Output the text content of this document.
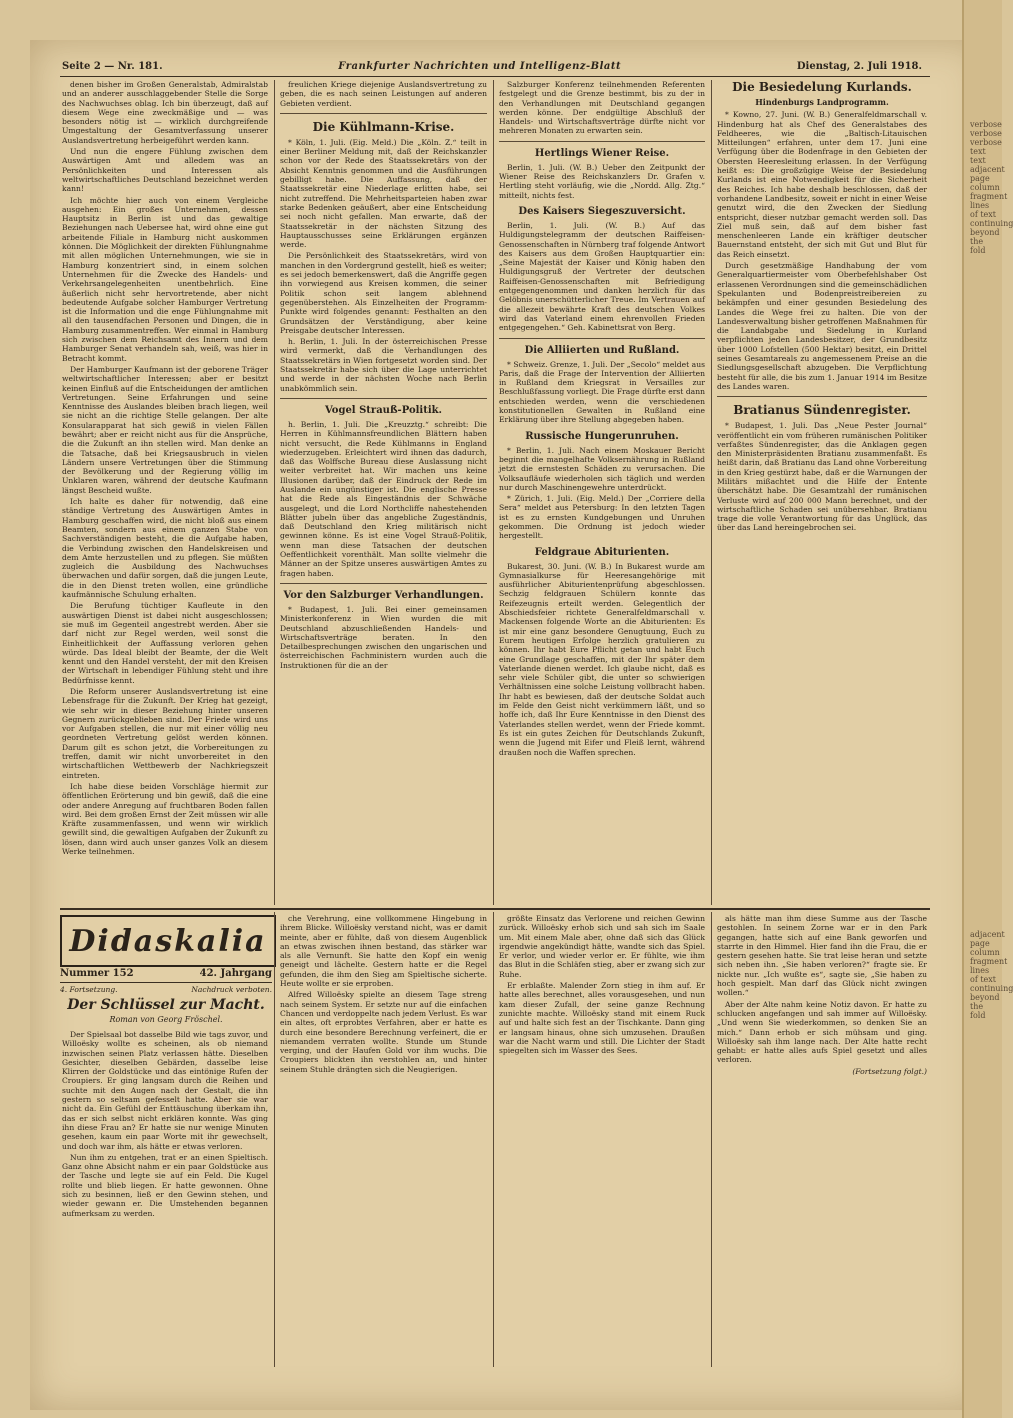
verbose verbose verbose text text adjacent page column fragment lines of text continuing beyond the fold
adjacent page column fragment lines of text continuing beyond the fold
Seite 2 — Nr. 181.	Frankfurter Nachrichten und Intelligenz-Blatt	Dienstag, 2. Juli 1918.

denen bisher im Großen Generalstab, Admiralstab und an anderer ausschlaggebender Stelle die Sorge des Nachwuchses oblag. Ich bin überzeugt, daß auf diesem Wege eine zweckmäßige und — was besonders nötig ist — wirklich durchgreifende Umgestaltung der Gesamtverfassung unserer Auslandsvertretung herbeigeführt werden kann.

Und nun die engere Fühlung zwischen dem Auswärtigen Amt und alledem was an Persönlichkeiten und Interessen als weltwirtschaftliches Deutschland bezeichnet werden kann!

Ich möchte hier auch von einem Vergleiche ausgehen: Ein großes Unternehmen, dessen Hauptsitz in Berlin ist und das gewaltige Beziehungen nach Uebersee hat, wird ohne eine gut arbeitende Filiale in Hamburg nicht auskommen können. Die Möglichkeit der direkten Fühlungnahme mit allen möglichen Unternehmungen, wie sie in Hamburg konzentriert sind, in einem solchen Unternehmen für die Zwecke des Handels- und Verkehrsangelegenheiten unentbehrlich. Eine äußerlich nicht sehr hervortretende, aber nicht bedeutende Aufgabe solcher Hamburger Vertretung ist die Information und die enge Fühlungnahme mit all den tausendfachen Personen und Dingen, die in Hamburg zusammentreffen. Wer einmal in Hamburg sich zwischen dem Reichsamt des Innern und dem Hamburger Senat verhandeln sah, weiß, was hier in Betracht kommt.

Der Hamburger Kaufmann ist der geborene Träger weltwirtschaftlicher Interessen; aber er besitzt keinen Einfluß auf die Entscheidungen der amtlichen Vertretungen. Seine Erfahrungen und seine Kenntnisse des Auslandes bleiben brach liegen, weil sie nicht an die richtige Stelle gelangen. Der alte Konsularapparat hat sich gewiß in vielen Fällen bewährt; aber er reicht nicht aus für die Ansprüche, die die Zukunft an ihn stellen wird. Man denke an die Tatsache, daß bei Kriegsausbruch in vielen Ländern unsere Vertretungen über die Stimmung der Bevölkerung und der Regierung völlig im Unklaren waren, während der deutsche Kaufmann längst Bescheid wußte.

Ich halte es daher für notwendig, daß eine ständige Vertretung des Auswärtigen Amtes in Hamburg geschaffen wird, die nicht bloß aus einem Beamten, sondern aus einem ganzen Stabe von Sachverständigen besteht, die die Aufgabe haben, die Verbindung zwischen den Handelskreisen und dem Amte herzustellen und zu pflegen. Sie müßten zugleich die Ausbildung des Nachwuchses überwachen und dafür sorgen, daß die jungen Leute, die in den Dienst treten wollen, eine gründliche kaufmännische Schulung erhalten.

Die Berufung tüchtiger Kaufleute in den auswärtigen Dienst ist dabei nicht ausgeschlossen; sie muß im Gegenteil angestrebt werden. Aber sie darf nicht zur Regel werden, weil sonst die Einheitlichkeit der Auffassung verloren gehen würde. Das Ideal bleibt der Beamte, der die Welt kennt und den Handel versteht, der mit den Kreisen der Wirtschaft in lebendiger Fühlung steht und ihre Bedürfnisse kennt.

Die Reform unserer Auslandsvertretung ist eine Lebensfrage für die Zukunft. Der Krieg hat gezeigt, wie sehr wir in dieser Beziehung hinter unseren Gegnern zurückgeblieben sind. Der Friede wird uns vor Aufgaben stellen, die nur mit einer völlig neu geordneten Vertretung gelöst werden können. Darum gilt es schon jetzt, die Vorbereitungen zu treffen, damit wir nicht unvorbereitet in den wirtschaftlichen Wettbewerb der Nachkriegszeit eintreten.

Ich habe diese beiden Vorschläge hiermit zur öffentlichen Erörterung und bin gewiß, daß die eine oder andere Anregung auf fruchtbaren Boden fallen wird. Bei dem großen Ernst der Zeit müssen wir alle Kräfte zusammenfassen, und wenn wir wirklich gewillt sind, die gewaltigen Aufgaben der Zukunft zu lösen, dann wird auch unser ganzes Volk an diesem Werke teilnehmen.

freulichen Kriege diejenige Auslandsvertretung zu geben, die es nach seinen Leistungen auf anderen Gebieten verdient.

Die Kühlmann-Krise.

* Köln, 1. Juli. (Eig. Meld.) Die „Köln. Z.“ teilt in einer Berliner Meldung mit, daß der Reichskanzler schon vor der Rede des Staatssekretärs von der Absicht Kenntnis genommen und die Ausführungen gebilligt habe. Die Auffassung, daß der Staatssekretär eine Niederlage erlitten habe, sei nicht zutreffend. Die Mehrheitsparteien haben zwar starke Bedenken geäußert, aber eine Entscheidung sei noch nicht gefallen. Man erwarte, daß der Staatssekretär in der nächsten Sitzung des Hauptausschusses seine Erklärungen ergänzen werde.

Die Persönlichkeit des Staatssekretärs, wird von manchen in den Vordergrund gestellt, hieß es weiter; es sei jedoch bemerkenswert, daß die Angriffe gegen ihn vorwiegend aus Kreisen kommen, die seiner Politik schon seit langem ablehnend gegenüberstehen. Als Einzelheiten der Programm-Punkte wird folgendes genannt: Festhalten an den Grundsätzen der Verständigung, aber keine Preisgabe deutscher Interessen.

h. Berlin, 1. Juli. In der österreichischen Presse wird vermerkt, daß die Verhandlungen des Staatssekretärs in Wien fortgesetzt worden sind. Der Staatssekretär habe sich über die Lage unterrichtet und werde in der nächsten Woche nach Berlin unabkömmlich sein.

Vogel Strauß-Politik.

h. Berlin, 1. Juli. Die „Kreuzztg.“ schreibt: Die Herren in Kühlmannsfreundlichen Blättern haben nicht versucht, die Rede Kühlmanns in England wiederzugeben. Erleichtert wird ihnen das dadurch, daß das Wolffsche Bureau diese Auslassung nicht weiter verbreitet hat. Wir machen uns keine Illusionen darüber, daß der Eindruck der Rede im Auslande ein ungünstiger ist. Die englische Presse hat die Rede als Eingeständnis der Schwäche ausgelegt, und die Lord Northcliffe nahestehenden Blätter jubeln über das angebliche Zugeständnis, daß Deutschland den Krieg militärisch nicht gewinnen könne. Es ist eine Vogel Strauß-Politik, wenn man diese Tatsachen der deutschen Oeffentlichkeit vorenthält. Man sollte vielmehr die Männer an der Spitze unseres auswärtigen Amtes zu fragen haben.

Vor den Salzburger Verhandlungen.

* Budapest, 1. Juli. Bei einer gemeinsamen Ministerkonferenz in Wien wurden die mit Deutschland abzuschließenden Handels- und Wirtschaftsverträge beraten. In den Detailbesprechungen zwischen den ungarischen und österreichischen Fachministern wurden auch die Instruktionen für die an der

Salzburger Konferenz teilnehmenden Referenten festgelegt und die Grenze bestimmt, bis zu der in den Verhandlungen mit Deutschland gegangen werden könne. Der endgültige Abschluß der Handels- und Wirtschaftsverträge dürfte nicht vor mehreren Monaten zu erwarten sein.

Hertlings Wiener Reise.

Berlin, 1. Juli. (W. B.) Ueber den Zeitpunkt der Wiener Reise des Reichskanzlers Dr. Grafen v. Hertling steht vorläufig, wie die „Nordd. Allg. Ztg.“ mitteilt, nichts fest.

Des Kaisers Siegeszuversicht.

Berlin, 1. Juli. (W. B.) Auf das Huldigungstelegramm der deutschen Raiffeisen-Genossenschaften in Nürnberg traf folgende Antwort des Kaisers aus dem Großen Hauptquartier ein: „Seine Majestät der Kaiser und König haben den Huldigungsgruß der Vertreter der deutschen Raiffeisen-Genossenschaften mit Befriedigung entgegengenommen und danken herzlich für das Gelöbnis unerschütterlicher Treue. Im Vertrauen auf die allezeit bewährte Kraft des deutschen Volkes wird das Vaterland einem ehrenvollen Frieden entgegengehen.“ Geh. Kabinettsrat von Berg.

Die Alliierten und Rußland.

* Schweiz. Grenze, 1. Juli. Der „Secolo“ meldet aus Paris, daß die Frage der Intervention der Alliierten in Rußland dem Kriegsrat in Versailles zur Beschlußfassung vorliegt. Die Frage dürfte erst dann entschieden werden, wenn die verschiedenen konstitutionellen Gewalten in Rußland eine Erklärung über ihre Stellung abgegeben haben.

Russische Hungerunruhen.

* Berlin, 1. Juli. Nach einem Moskauer Bericht beginnt die mangelhafte Volksernährung in Rußland jetzt die ernstesten Schäden zu verursachen. Die Volksaufläufe wiederholen sich täglich und werden nur durch Maschinengewehre unterdrückt.

* Zürich, 1. Juli. (Eig. Meld.) Der „Corriere della Sera“ meldet aus Petersburg: In den letzten Tagen ist es zu ernsten Kundgebungen und Unruhen gekommen. Die Ordnung ist jedoch wieder hergestellt.

Feldgraue Abiturienten.

Bukarest, 30. Juni. (W. B.) In Bukarest wurde am Gymnasialkurse für Heeresangehörige mit ausführlicher Abiturientenprüfung abgeschlossen. Sechzig feldgrauen Schülern konnte das Reifezeugnis erteilt werden. Gelegentlich der Abschiedsfeier richtete Generalfeldmarschall v. Mackensen folgende Worte an die Abiturienten: Es ist mir eine ganz besondere Genugtuung, Euch zu Eurem heutigen Erfolge herzlich gratulieren zu können. Ihr habt Eure Pflicht getan und habt Euch eine Grundlage geschaffen, mit der Ihr später dem Vaterlande dienen werdet. Ich glaube nicht, daß es sehr viele Schüler gibt, die unter so schwierigen Verhältnissen eine solche Leistung vollbracht haben. Ihr habt es bewiesen, daß der deutsche Soldat auch im Felde den Geist nicht verkümmern läßt, und so hoffe ich, daß Ihr Eure Kenntnisse in den Dienst des Vaterlandes stellen werdet, wenn der Friede kommt. Es ist ein gutes Zeichen für Deutschlands Zukunft, wenn die Jugend mit Eifer und Fleiß lernt, während draußen noch die Waffen sprechen.

Die Besiedelung Kurlands.
Hindenburgs Landprogramm.

* Kowno, 27. Juni. (W. B.) Generalfeldmarschall v. Hindenburg hat als Chef des Generalstabes des Feldheeres, wie die „Baltisch-Litauischen Mitteilungen“ erfahren, unter dem 17. Juni eine Verfügung über die Bodenfrage in den Gebieten der Obersten Heeresleitung erlassen. In der Verfügung heißt es: Die großzügige Weise der Besiedelung Kurlands ist eine Notwendigkeit für die Sicherheit des Reiches. Ich habe deshalb beschlossen, daß der vorhandene Landbesitz, soweit er nicht in einer Weise genutzt wird, die den Zwecken der Siedlung entspricht, dieser nutzbar gemacht werden soll. Das Ziel muß sein, daß auf dem bisher fast menschenleeren Lande ein kräftiger deutscher Bauernstand entsteht, der sich mit Gut und Blut für das Reich einsetzt.

Durch gesetzmäßige Handhabung der vom Generalquartiermeister vom Oberbefehlshaber Ost erlassenen Verordnungen sind die gemeinschädlichen Spekulanten und Bodenpreistreibereien zu bekämpfen und einer gesunden Besiedelung des Landes die Wege frei zu halten. Die von der Landesverwaltung bisher getroffenen Maßnahmen für die Landabgabe und Siedelung in Kurland verpflichten jeden Landesbesitzer, der Grundbesitz über 1000 Lofstellen (500 Hektar) besitzt, ein Drittel seines Gesamtareals zu angemessenem Preise an die Siedlungsgesellschaft abzugeben. Die Verpflichtung besteht für alle, die bis zum 1. Januar 1914 im Besitze des Landes waren.

Bratianus Sündenregister.

* Budapest, 1. Juli. Das „Neue Pester Journal“ veröffentlicht ein vom früheren rumänischen Politiker verfaßtes Sündenregister, das die Anklagen gegen den Ministerpräsidenten Bratianu zusammenfaßt. Es heißt darin, daß Bratianu das Land ohne Vorbereitung in den Krieg gestürzt habe, daß er die Warnungen der Militärs mißachtet und die Hilfe der Entente überschätzt habe. Die Gesamtzahl der rumänischen Verluste wird auf 200 000 Mann berechnet, und der wirtschaftliche Schaden sei unübersehbar. Bratianu trage die volle Verantwortung für das Unglück, das über das Land hereingebrochen sei.

Didaskalia
Nummer 152	42. Jahrgang
4. Fortsetzung.	Nachdruck verboten.
Der Schlüssel zur Macht.
Roman von Georg Fröschel.

Der Spielsaal bot dasselbe Bild wie tags zuvor, und Willoësky wollte es scheinen, als ob niemand inzwischen seinen Platz verlassen hätte. Dieselben Gesichter, dieselben Gebärden, dasselbe leise Klirren der Goldstücke und das eintönige Rufen der Croupiers. Er ging langsam durch die Reihen und suchte mit den Augen nach der Gestalt, die ihn gestern so seltsam gefesselt hatte. Aber sie war nicht da. Ein Gefühl der Enttäuschung überkam ihn, das er sich selbst nicht erklären konnte. Was ging ihn diese Frau an? Er hatte sie nur wenige Minuten gesehen, kaum ein paar Worte mit ihr gewechselt, und doch war ihm, als hätte er etwas verloren.

Nun ihm zu entgehen, trat er an einen Spieltisch. Ganz ohne Absicht nahm er ein paar Goldstücke aus der Tasche und legte sie auf ein Feld. Die Kugel rollte und blieb liegen. Er hatte gewonnen. Ohne sich zu besinnen, ließ er den Gewinn stehen, und wieder gewann er. Die Umstehenden begannen aufmerksam zu werden.

che Verehrung, eine vollkommene Hingebung in ihrem Blicke. Willoësky verstand nicht, was er damit meinte, aber er fühlte, daß von diesem Augenblick an etwas zwischen ihnen bestand, das stärker war als alle Vernunft. Sie hatte den Kopf ein wenig geneigt und lächelte. Gestern hatte er die Regel gefunden, die ihm den Sieg am Spieltische sicherte. Heute wollte er sie erproben.

Alfred Willoësky spielte an diesem Tage streng nach seinem System. Er setzte nur auf die einfachen Chancen und verdoppelte nach jedem Verlust. Es war ein altes, oft erprobtes Verfahren, aber er hatte es durch eine besondere Berechnung verfeinert, die er niemandem verraten wollte. Stunde um Stunde verging, und der Haufen Gold vor ihm wuchs. Die Croupiers blickten ihn verstohlen an, und hinter seinem Stuhle drängten sich die Neugierigen.

größte Einsatz das Verlorene und reichen Gewinn zurück. Willoësky erhob sich und sah sich im Saale um. Mit einem Male aber, ohne daß sich das Glück irgendwie angekündigt hätte, wandte sich das Spiel. Er verlor, und wieder verlor er. Er fühlte, wie ihm das Blut in die Schläfen stieg, aber er zwang sich zur Ruhe.

Er erblaßte. Malender Zorn stieg in ihm auf. Er hatte alles berechnet, alles vorausgesehen, und nun kam dieser Zufall, der seine ganze Rechnung zunichte machte. Willoësky stand mit einem Ruck auf und halte sich fest an der Tischkante. Dann ging er langsam hinaus, ohne sich umzusehen. Draußen war die Nacht warm und still. Die Lichter der Stadt spiegelten sich im Wasser des Sees.

als hätte man ihm diese Summe aus der Tasche gestohlen. In seinem Zorne war er in den Park gegangen, hatte sich auf eine Bank geworfen und starrte in den Himmel. Hier fand ihn die Frau, die er gestern gesehen hatte. Sie trat leise heran und setzte sich neben ihn. „Sie haben verloren?“ fragte sie. Er nickte nur. „Ich wußte es“, sagte sie, „Sie haben zu hoch gespielt. Man darf das Glück nicht zwingen wollen.“

Aber der Alte nahm keine Notiz davon. Er hatte zu schlucken angefangen und sah immer auf Willoësky. „Und wenn Sie wiederkommen, so denken Sie an mich.“ Dann erhob er sich mühsam und ging. Willoësky sah ihm lange nach. Der Alte hatte recht gehabt: er hatte alles aufs Spiel gesetzt und alles verloren.

(Fortsetzung folgt.)
